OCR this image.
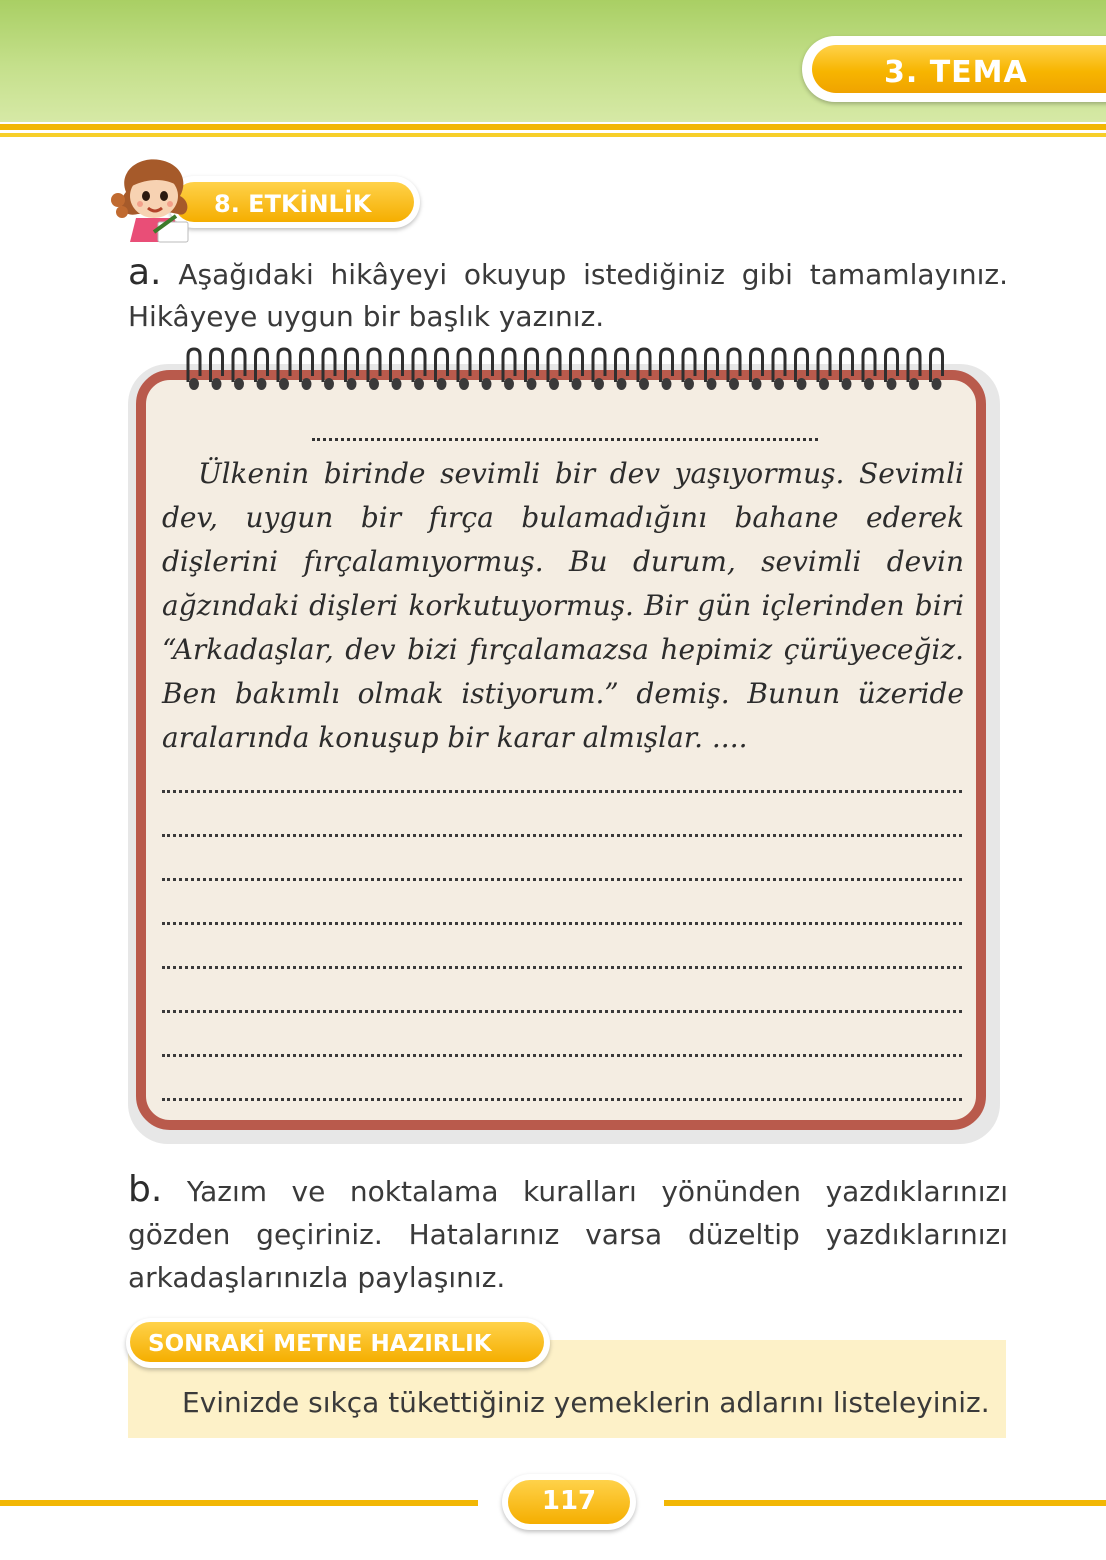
3. TEMA
8. ETKİNLİK
a. Aşağıdaki hikâyeyi okuyup istediğiniz gibi tamamlayınız. Hikâyeye uygun bir başlık yazınız.
Ülkenin birinde sevimli bir dev yaşıyormuş. Sevimli dev, uygun bir fırça bulamadığını bahane ederek dişlerini fırçalamıyormuş. Bu durum, sevimli devin ağzındaki dişleri korkutuyormuş. Bir gün içlerinden biri “Arkadaşlar, dev bizi fırçalamazsa hepimiz çürüyeceğiz. Ben bakımlı olmak istiyorum.” demiş. Bunun üzeride aralarında konuşup bir karar almışlar. ....
b. Yazım ve noktalama kuralları yönünden yazdıklarınızı gözden geçiriniz. Hatalarınız varsa düzeltip yazdıklarınızı arkadaşlarınızla paylaşınız.
SONRAKİ METNE HAZIRLIK
Evinizde sıkça tükettiğiniz yemeklerin adlarını listeleyiniz.
117
